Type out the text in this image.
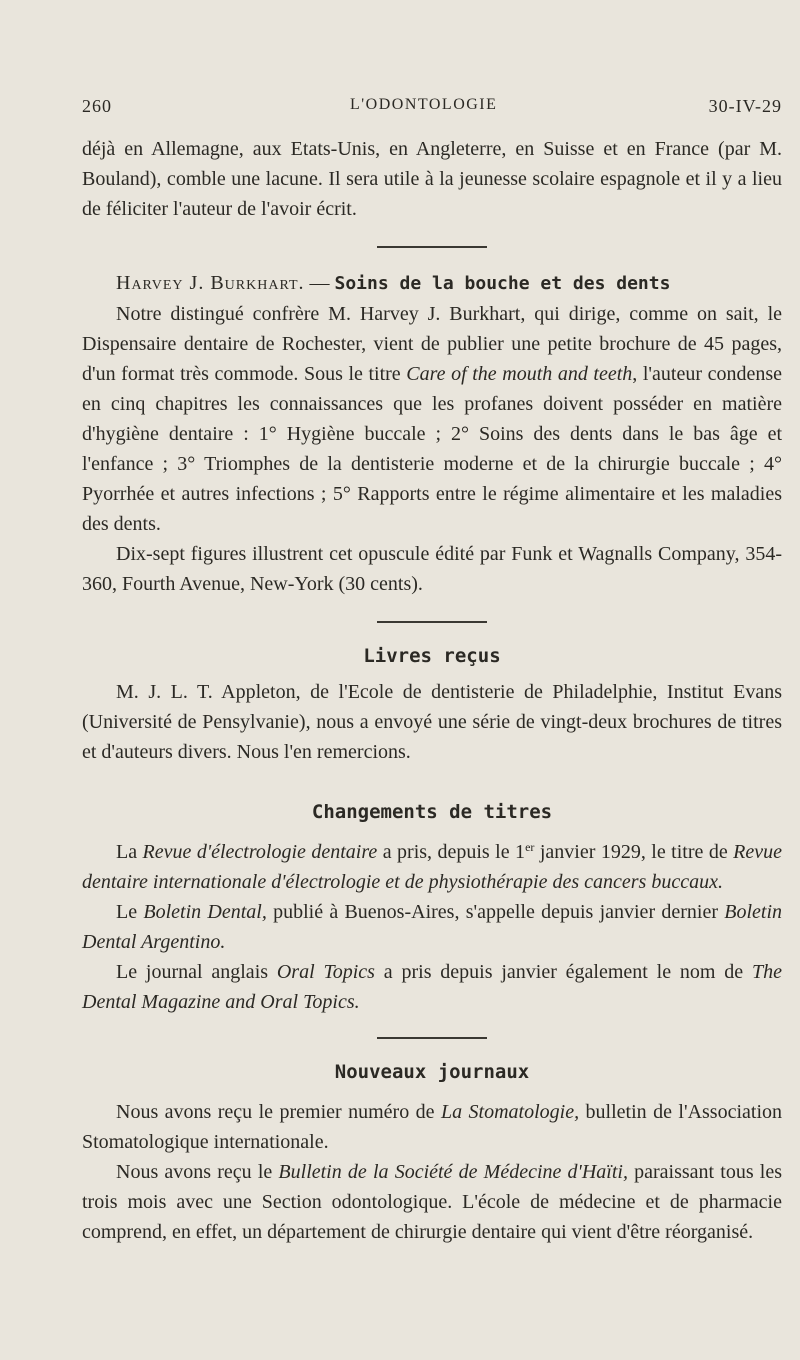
260	L'ODONTOLOGIE	30-IV-29

déjà en Allemagne, aux Etats-Unis, en Angleterre, en Suisse et en France (par M. Bouland), comble une lacune. Il sera utile à la jeunesse scolaire espagnole et il y a lieu de féliciter l'auteur de l'avoir écrit.

Harvey J. Burkhart. — Soins de la bouche et des dents

Notre distingué confrère M. Harvey J. Burkhart, qui dirige, comme on sait, le Dispensaire dentaire de Rochester, vient de publier une petite brochure de 45 pages, d'un format très commode. Sous le titre Care of the mouth and teeth, l'auteur condense en cinq chapitres les connaissances que les profanes doivent posséder en matière d'hygiène dentaire : 1° Hygiène buccale ; 2° Soins des dents dans le bas âge et l'enfance ; 3° Triomphes de la dentisterie moderne et de la chirurgie buccale ; 4° Pyorrhée et autres infections ; 5° Rapports entre le régime alimentaire et les maladies des dents.

Dix-sept figures illustrent cet opuscule édité par Funk et Wagnalls Company, 354-360, Fourth Avenue, New-York (30 cents).

Livres reçus

M. J. L. T. Appleton, de l'Ecole de dentisterie de Philadelphie, Institut Evans (Université de Pensylvanie), nous a envoyé une série de vingt-deux brochures de titres et d'auteurs divers. Nous l'en remercions.

Changements de titres

La Revue d'électrologie dentaire a pris, depuis le 1er janvier 1929, le titre de Revue dentaire internationale d'électrologie et de physiothérapie des cancers buccaux.

Le Boletin Dental, publié à Buenos-Aires, s'appelle depuis janvier dernier Boletin Dental Argentino.

Le journal anglais Oral Topics a pris depuis janvier également le nom de The Dental Magazine and Oral Topics.

Nouveaux journaux

Nous avons reçu le premier numéro de La Stomatologie, bulletin de l'Association Stomatologique internationale.

Nous avons reçu le Bulletin de la Société de Médecine d'Haïti, paraissant tous les trois mois avec une Section odontologique. L'école de médecine et de pharmacie comprend, en effet, un département de chirurgie dentaire qui vient d'être réorganisé.
